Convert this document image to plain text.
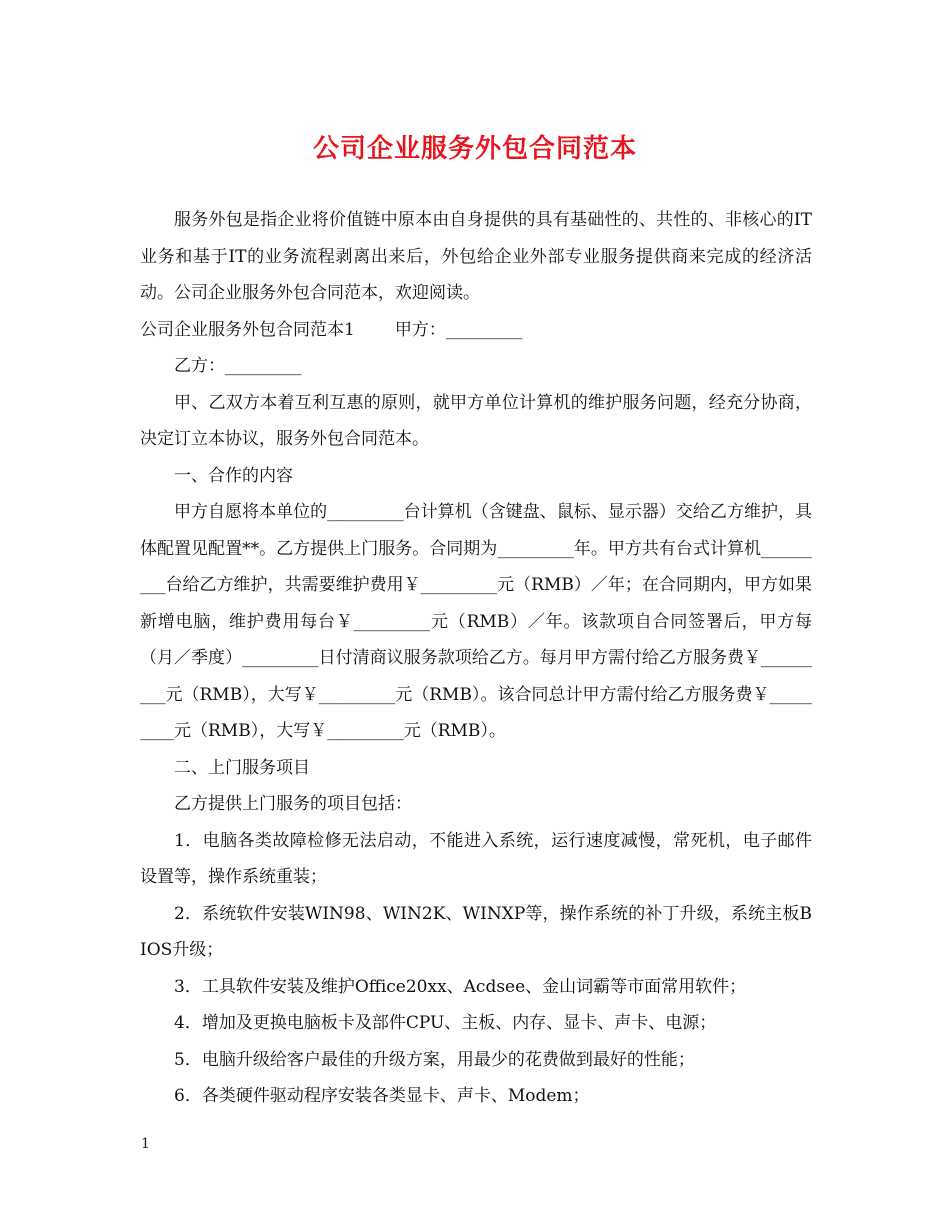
公司企业服务外包合同范本

服务外包是指企业将价值链中原本由自身提供的具有基础性的、共性的、非核心的IT业务和基于IT的业务流程剥离出来后，外包给企业外部专业服务提供商来完成的经济活动。公司企业服务外包合同范本，欢迎阅读。

公司企业服务外包合同范本1 甲方：_________

乙方：_________

甲、乙双方本着互利互惠的原则，就甲方单位计算机的维护服务问题，经充分协商，决定订立本协议，服务外包合同范本。

一、合作的内容

甲方自愿将本单位的_________台计算机（含键盘、鼠标、显示器）交给乙方维护，具体配置见配置**。乙方提供上门服务。合同期为_________年。甲方共有台式计算机_________台给乙方维护，共需要维护费用￥_________元（RMB）／年；在合同期内，甲方如果新增电脑，维护费用每台￥_________元（RMB）／年。该款项自合同签署后，甲方每（月／季度）_________日付清商议服务款项给乙方。每月甲方需付给乙方服务费￥_________元（RMB），大写￥_________元（RMB）。该合同总计甲方需付给乙方服务费￥_________元（RMB），大写￥_________元（RMB）。

二、上门服务项目

乙方提供上门服务的项目包括：

1．电脑各类故障检修无法启动，不能进入系统，运行速度减慢，常死机，电子邮件设置等，操作系统重装；

2．系统软件安装WIN98、WIN2K、WINXP等，操作系统的补丁升级，系统主板BIOS升级；

3．工具软件安装及维护Office20xx、Acdsee、金山词霸等市面常用软件；

4．增加及更换电脑板卡及部件CPU、主板、内存、显卡、声卡、电源；

5．电脑升级给客户最佳的升级方案，用最少的花费做到最好的性能；

6．各类硬件驱动程序安装各类显卡、声卡、Modem；

1
